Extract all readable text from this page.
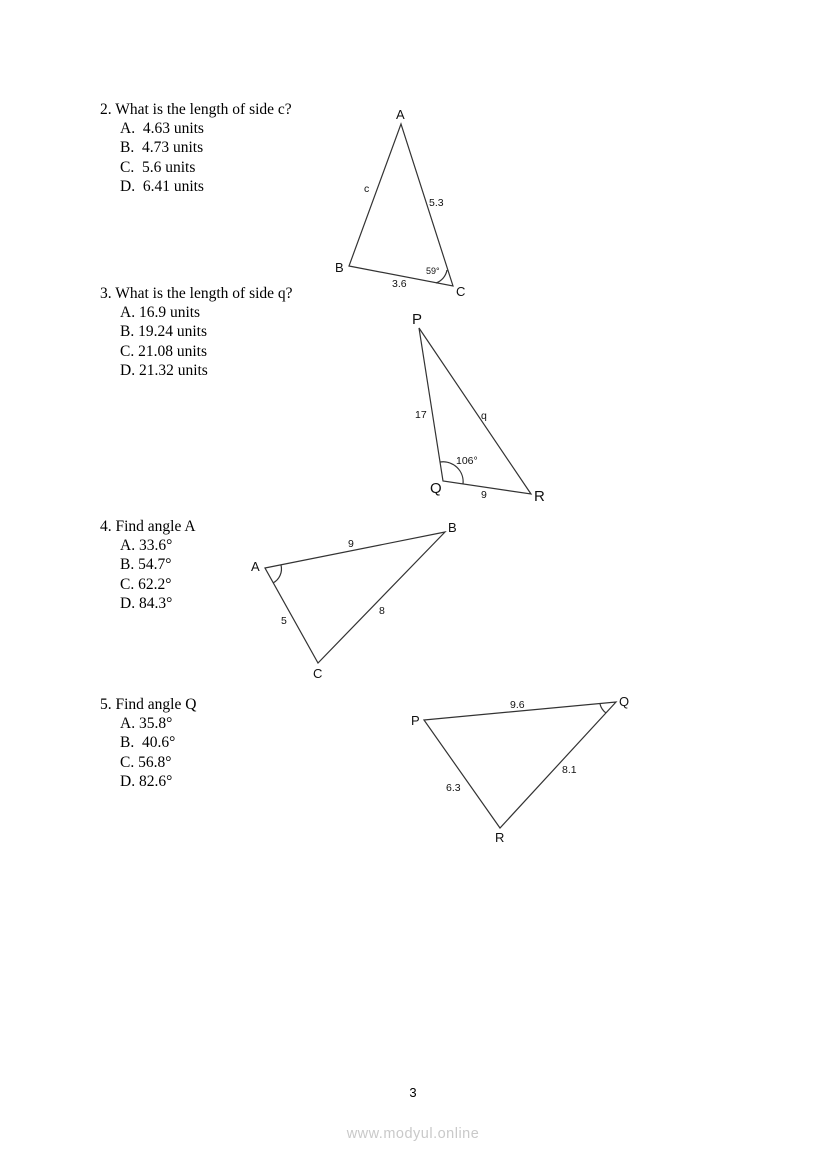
2. What is the length of side c?
A.  4.63 units
B.  4.73 units
C.  5.6 units
D.  6.41 units
A
B
C
c
5.3
3.6
59°
3. What is the length of side q?
A. 16.9 units
B. 19.24 units
C. 21.08 units
D. 21.32 units
P
Q	R
17	q
9
106°
4. Find angle A
A. 33.6°
B. 54.7°
C. 62.2°
D. 84.3°
A
B
C
9
5
8
5. Find angle Q
A. 35.8°
B.  40.6°
C. 56.8°
D. 82.6°
P
Q
R
9.6
6.3
8.1
3
www.modyul.online
